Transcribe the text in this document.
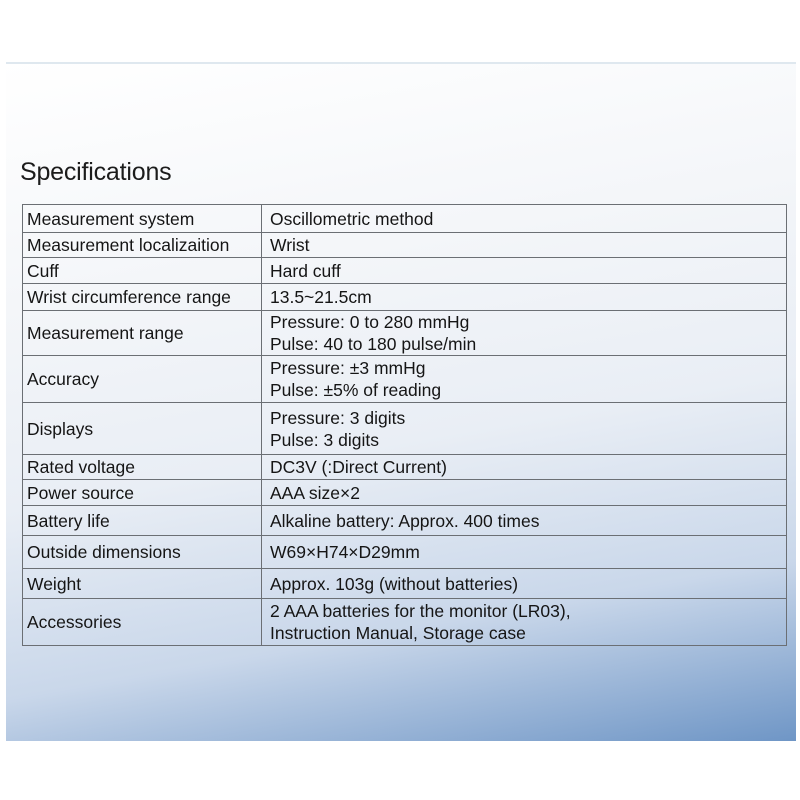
Specifications
Measurement system	Oscillometric method

Measurement localizaition	Wrist

Cuff	Hard cuff

Wrist circumference range	13.5~21.5cm

Measurement range	Pressure: 0 to 280 mmHg
Pulse: 40 to 180 pulse/min

Accuracy	Pressure: ±3 mmHg
Pulse: ±5% of reading

Displays	Pressure: 3 digits
Pulse: 3 digits

Rated voltage	DC3V (:Direct Current)

Power source	AAA size×2

Battery life	Alkaline battery: Approx. 400 times

Outside dimensions	W69×H74×D29mm

Weight	Approx. 103g (without batteries)

Accessories	2 AAA batteries for the monitor (LR03),
Instruction Manual, Storage case
